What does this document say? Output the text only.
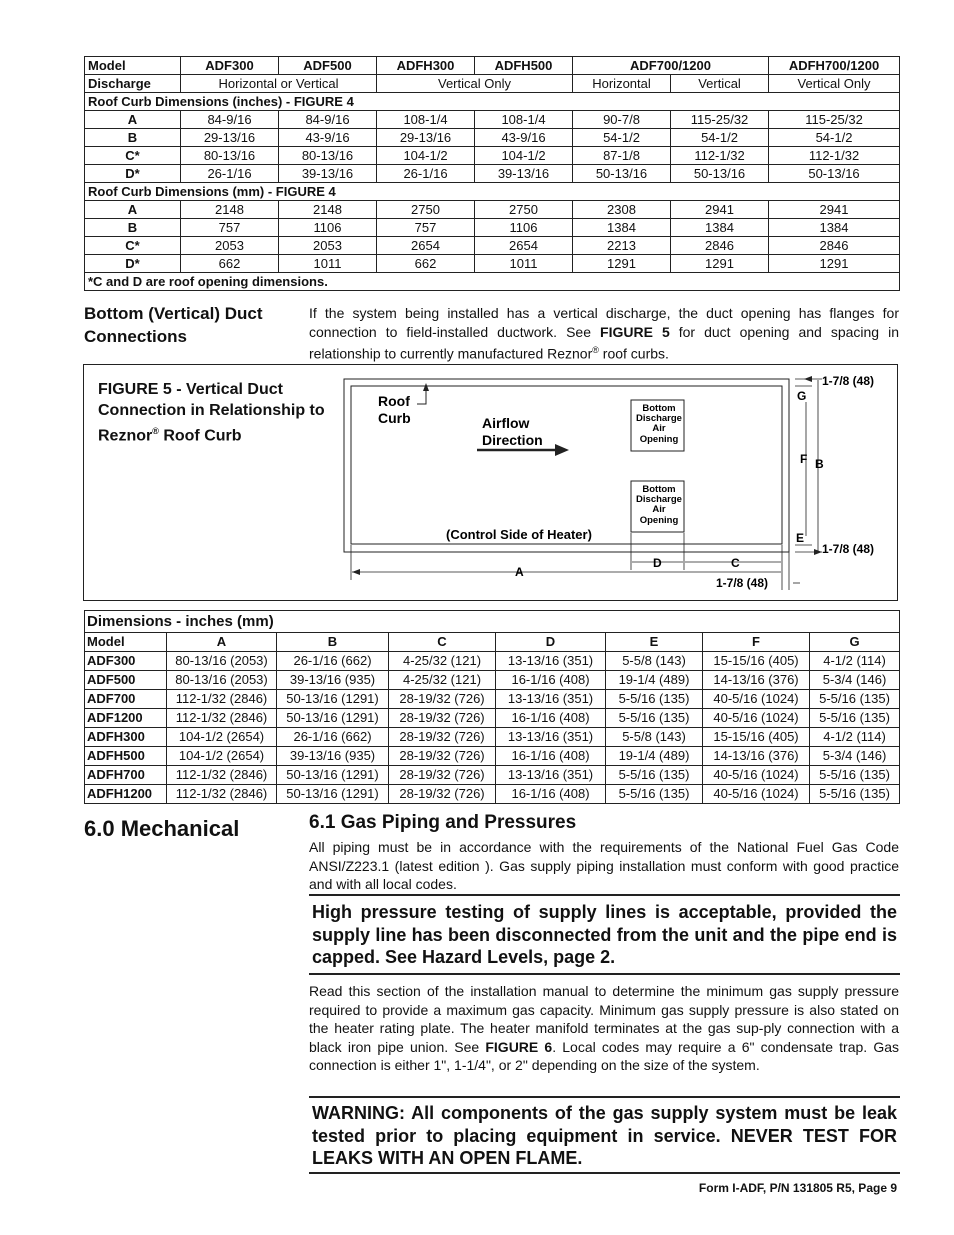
Model	ADF300	ADF500	ADFH300	ADFH500	ADF700/1200		ADFH700/1200
Discharge	Horizontal or Vertical		Vertical Only		Horizontal	Vertical	Vertical Only
Roof Curb Dimensions (inches) - FIGURE 4							
A	84-9/16	84-9/16	108-1/4	108-1/4	90-7/8	115-25/32	115-25/32
B	29-13/16	43-9/16	29-13/16	43-9/16	54-1/2	54-1/2	54-1/2
C*	80-13/16	80-13/16	104-1/2	104-1/2	87-1/8	112-1/32	112-1/32
D*	26-1/16	39-13/16	26-1/16	39-13/16	50-13/16	50-13/16	50-13/16
Roof Curb Dimensions (mm) - FIGURE 4							
A	2148	2148	2750	2750	2308	2941	2941
B	757	1106	757	1106	1384	1384	1384
C*	2053	2053	2654	2654	2213	2846	2846
D*	662	1011	662	1011	1291	1291	1291
*C and D are roof opening dimensions.							
Bottom (Vertical) Duct
Connections
If the system being installed has a vertical discharge, the duct opening has flanges for connection to field-installed ductwork. See FIGURE 5 for duct opening and spacing in relationship to currently manufactured Reznor® roof curbs.
FIGURE 5 - Vertical Duct Connection in Relationship to Reznor® Roof Curb
Roof
Curb	Airflow
Direction
Bottom
Discharge
Air
Opening
Bottom
Discharge
Air
Opening
(Control Side of Heater)
1-7/8 (48)
G
F B
E
1-7/8 (48)
D	C
A
1-7/8 (48)
Dimensions - inches (mm)							
Model	A	B	C	D	E	F	G
ADF300	80-13/16 (2053)	26-1/16 (662)	4-25/32 (121)	13-13/16 (351)	5-5/8 (143)	15-15/16 (405)	4-1/2 (114)
ADF500	80-13/16 (2053)	39-13/16 (935)	4-25/32 (121)	16-1/16 (408)	19-1/4 (489)	14-13/16 (376)	5-3/4 (146)
ADF700	112-1/32 (2846)	50-13/16 (1291)	28-19/32 (726)	13-13/16 (351)	5-5/16 (135)	40-5/16 (1024)	5-5/16 (135)
ADF1200	112-1/32 (2846)	50-13/16 (1291)	28-19/32 (726)	16-1/16 (408)	5-5/16 (135)	40-5/16 (1024)	5-5/16 (135)
ADFH300	104-1/2 (2654)	26-1/16 (662)	28-19/32 (726)	13-13/16 (351)	5-5/8 (143)	15-15/16 (405)	4-1/2 (114)
ADFH500	104-1/2 (2654)	39-13/16 (935)	28-19/32 (726)	16-1/16 (408)	19-1/4 (489)	14-13/16 (376)	5-3/4 (146)
ADFH700	112-1/32 (2846)	50-13/16 (1291)	28-19/32 (726)	13-13/16 (351)	5-5/16 (135)	40-5/16 (1024)	5-5/16 (135)
ADFH1200	112-1/32 (2846)	50-13/16 (1291)	28-19/32 (726)	16-1/16 (408)	5-5/16 (135)	40-5/16 (1024)	5-5/16 (135)
6.0 Mechanical	6.1 Gas Piping and Pressures
All piping must be in accordance with the requirements of the National Fuel Gas Code ANSI/Z223.1 (latest edition ). Gas supply piping installation must conform with good practice and with all local codes.
High pressure testing of supply lines is acceptable, provided the supply line has been disconnected from the unit and the pipe end is capped. See Hazard Levels, page 2.
Read this section of the installation manual to determine the minimum gas supply pressure required to provide a maximum gas capacity. Minimum gas supply pressure is also stated on the heater rating plate. The heater manifold terminates at the gas sup-ply connection with a black iron pipe union. See FIGURE 6. Local codes may require a 6" condensate trap. Gas connection is either 1", 1-1/4", or 2" depending on the size of the system.
WARNING: All components of the gas supply system must be leak tested prior to placing equipment in service. NEVER TEST FOR LEAKS WITH AN OPEN FLAME.
Form I-ADF, P/N 131805 R5, Page 9
